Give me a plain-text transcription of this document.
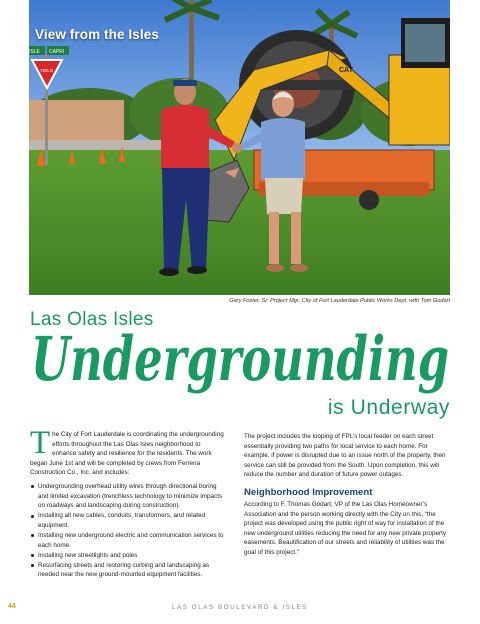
ISLE CAPRI
YIELD	CAT
View from the Isles
Gary Foster, Sr. Project Mgr. City of Fort Lauderdale Public Works Dept. with Tom Godart
Las Olas Isles
Undergrounding
is Underway
The City of Fort Lauderdale is coordinating the undergrounding efforts throughout the Las Olas Isles neighborhood to enhance safety and resilience for the residents. The work began June 1st and will be completed by crews from Ferreira Construction Co., Inc. and includes:
Undergrounding overhead utility wires through directional boring and limited excavation (trenchless technology to minimize impacts on roadways and landscaping during construction).
Installing all new cables, conduits, transformers, and related equipment.
Installing new underground electric and communication services to each home.
Installing new streetlights and poles
Resurfacing streets and restoring curbing and landscaping as needed near the new ground-mounted equipment facilities.

The project includes the looping of FPL’s local feeder on each street essentially providing two paths for local service to each home. For example, if power is disrupted due to an issue north of the property, then service can still be provided from the South. Upon completion, this will reduce the number and duration of future power outages.

Neighborhood Improvement

According to F. Thomas Godart, VP of the Las Olas Homeowner’s Association and the person working directly with the City on this, “the project was developed using the public right of way for installation of the new underground utilities reducing the need for any new private property easements. Beautification of our streets and reliability of utilities was the goal of this project.”

44	LAS OLAS BOULEVARD & ISLES
